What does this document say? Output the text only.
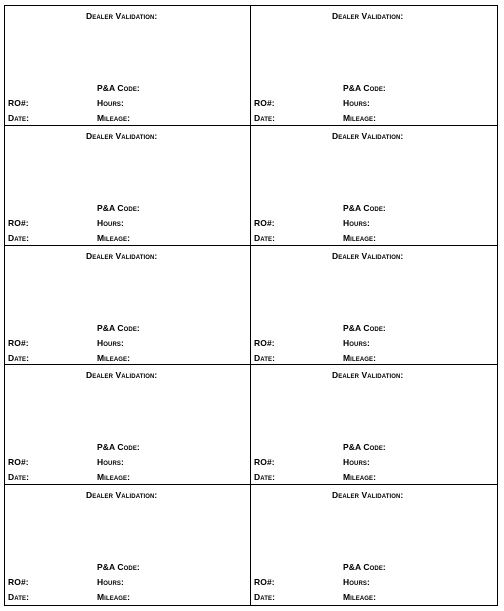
Dealer Validation:
P&A Code:
RO#:	Hours:
Date:	Mileage:
Dealer Validation:
P&A Code:
RO#:	Hours:
Date:	Mileage:
Dealer Validation:
P&A Code:
RO#:	Hours:
Date:	Mileage:
Dealer Validation:
P&A Code:
RO#:	Hours:
Date:	Mileage:
Dealer Validation:
P&A Code:
RO#:	Hours:
Date:	Mileage:
Dealer Validation:
P&A Code:
RO#:	Hours:
Date:	Mileage:
Dealer Validation:
P&A Code:
RO#:	Hours:
Date:	Mileage:
Dealer Validation:
P&A Code:
RO#:	Hours:
Date:	Mileage:
Dealer Validation:
P&A Code:
RO#:	Hours:
Date:	Mileage:
Dealer Validation:
P&A Code:
RO#:	Hours:
Date:	Mileage:
